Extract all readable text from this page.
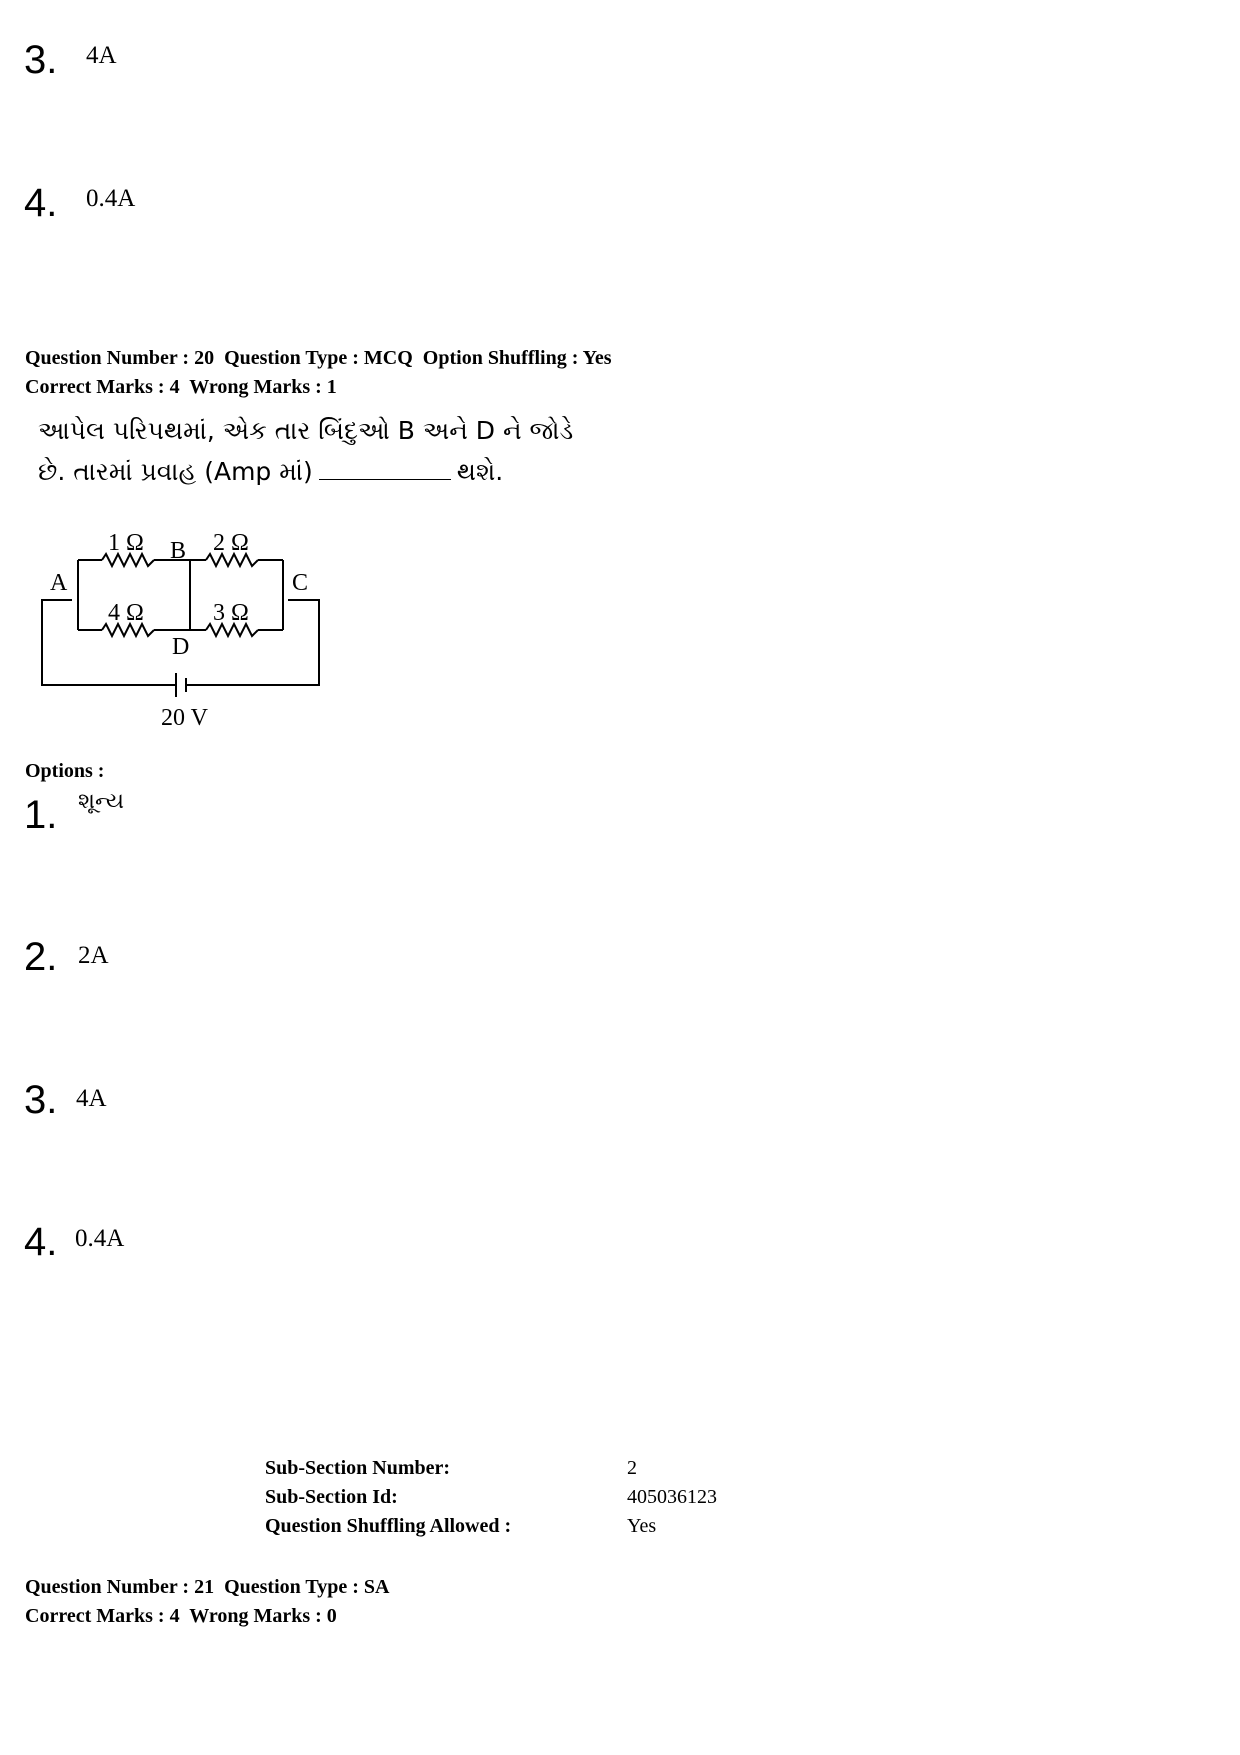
3. 4A
4. 0.4A
Question Number : 20  Question Type : MCQ  Option Shuffling : Yes
Correct Marks : 4  Wrong Marks : 1
આપેલ પરિપથમાં, એક તાર બિંદુઓ B અને D ને જોડે
છે. તારમાં પ્રવાહ (Amp માં)	થશે.
1 Ω B 2 Ω
A	C
4 Ω	3 Ω
D
20 V
Options :
1. શૂન્ય
2. 2A
3. 4A
4. 0.4A
Sub-Section Number:	2
Sub-Section Id:	405036123
Question Shuffling Allowed :	Yes
Question Number : 21  Question Type : SA
Correct Marks : 4  Wrong Marks : 0
